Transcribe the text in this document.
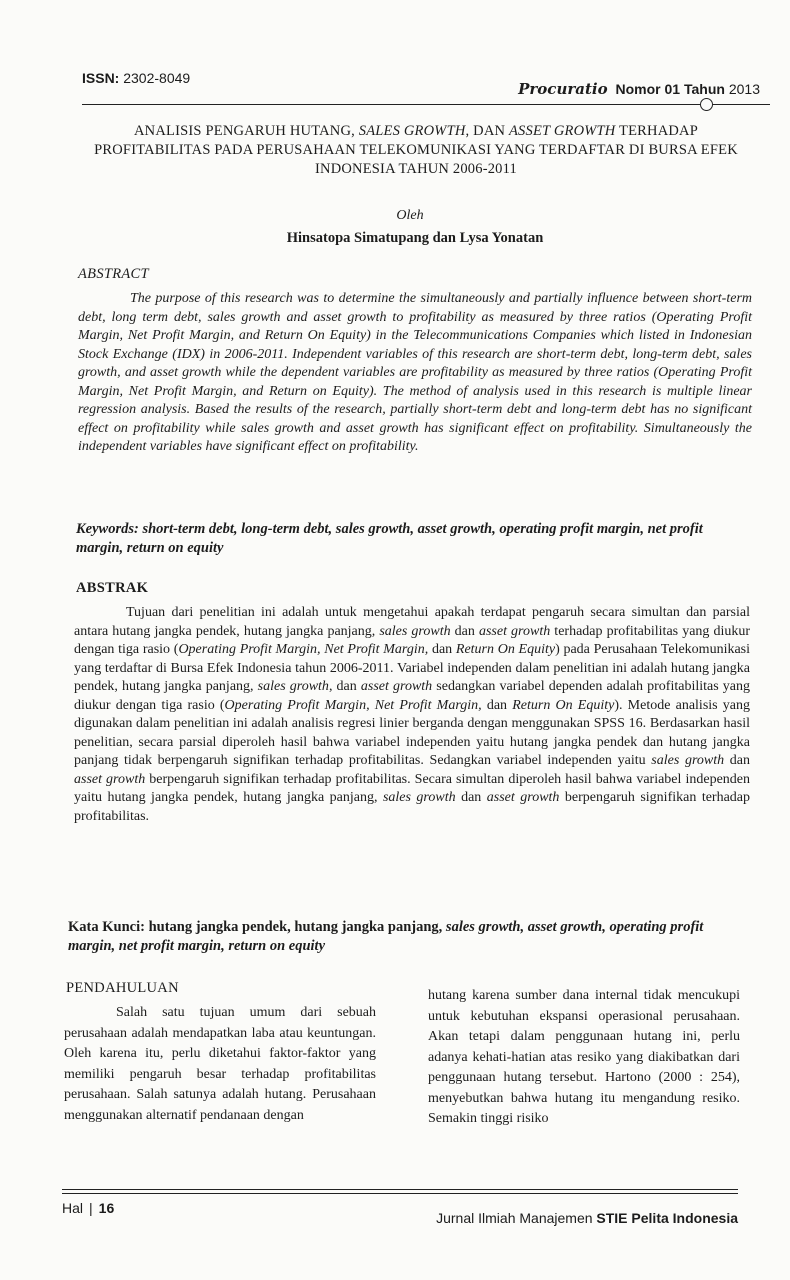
ISSN: 2302-8049
Procuratio Nomor 01 Tahun 2013
ANALISIS PENGARUH HUTANG, SALES GROWTH, DAN ASSET GROWTH TERHADAP PROFITABILITAS PADA PERUSAHAAN TELEKOMUNIKASI YANG TERDAFTAR DI BURSA EFEK INDONESIA TAHUN 2006-2011
Oleh
Hinsatopa Simatupang dan Lysa Yonatan
ABSTRACT
The purpose of this research was to determine the simultaneously and partially influence between short-term debt, long term debt, sales growth and asset growth to profitability as measured by three ratios (Operating Profit Margin, Net Profit Margin, and Return On Equity) in the Telecommunications Companies which listed in Indonesian Stock Exchange (IDX) in 2006-2011. Independent variables of this research are short-term debt, long-term debt, sales growth, and asset growth while the dependent variables are profitability as measured by three ratios (Operating Profit Margin, Net Profit Margin, and Return on Equity). The method of analysis used in this research is multiple linear regression analysis. Based the results of the research, partially short-term debt and long-term debt has no significant effect on profitability while sales growth and asset growth has significant effect on profitability. Simultaneously the independent variables have significant effect on profitability.
Keywords: short-term debt, long-term debt, sales growth, asset growth, operating profit margin, net profit margin, return on equity
ABSTRAK
Tujuan dari penelitian ini adalah untuk mengetahui apakah terdapat pengaruh secara simultan dan parsial antara hutang jangka pendek, hutang jangka panjang, sales growth dan asset growth terhadap profitabilitas yang diukur dengan tiga rasio (Operating Profit Margin, Net Profit Margin, dan Return On Equity) pada Perusahaan Telekomunikasi yang terdaftar di Bursa Efek Indonesia tahun 2006-2011. Variabel independen dalam penelitian ini adalah hutang jangka pendek, hutang jangka panjang, sales growth, dan asset growth sedangkan variabel dependen adalah profitabilitas yang diukur dengan tiga rasio (Operating Profit Margin, Net Profit Margin, dan Return On Equity). Metode analisis yang digunakan dalam penelitian ini adalah analisis regresi linier berganda dengan menggunakan SPSS 16. Berdasarkan hasil penelitian, secara parsial diperoleh hasil bahwa variabel independen yaitu hutang jangka pendek dan hutang jangka panjang tidak berpengaruh signifikan terhadap profitabilitas. Sedangkan variabel independen yaitu sales growth dan asset growth berpengaruh signifikan terhadap profitabilitas. Secara simultan diperoleh hasil bahwa variabel independen yaitu hutang jangka pendek, hutang jangka panjang, sales growth dan asset growth berpengaruh signifikan terhadap profitabilitas.
Kata Kunci: hutang jangka pendek, hutang jangka panjang, sales growth, asset growth, operating profit margin, net profit margin, return on equity
PENDAHULUAN
Salah satu tujuan umum dari sebuah perusahaan adalah mendapatkan laba atau keuntungan. Oleh karena itu, perlu diketahui faktor-faktor yang memiliki pengaruh besar terhadap profitabilitas perusahaan. Salah satunya adalah hutang. Perusahaan menggunakan alternatif pendanaan dengan
hutang karena sumber dana internal tidak mencukupi untuk kebutuhan ekspansi operasional perusahaan. Akan tetapi dalam penggunaan hutang ini, perlu adanya kehati-hatian atas resiko yang diakibatkan dari penggunaan hutang tersebut. Hartono (2000 : 254), menyebutkan bahwa hutang itu mengandung resiko. Semakin tinggi risiko
Hal | 16
Jurnal Ilmiah Manajemen STIE Pelita Indonesia
